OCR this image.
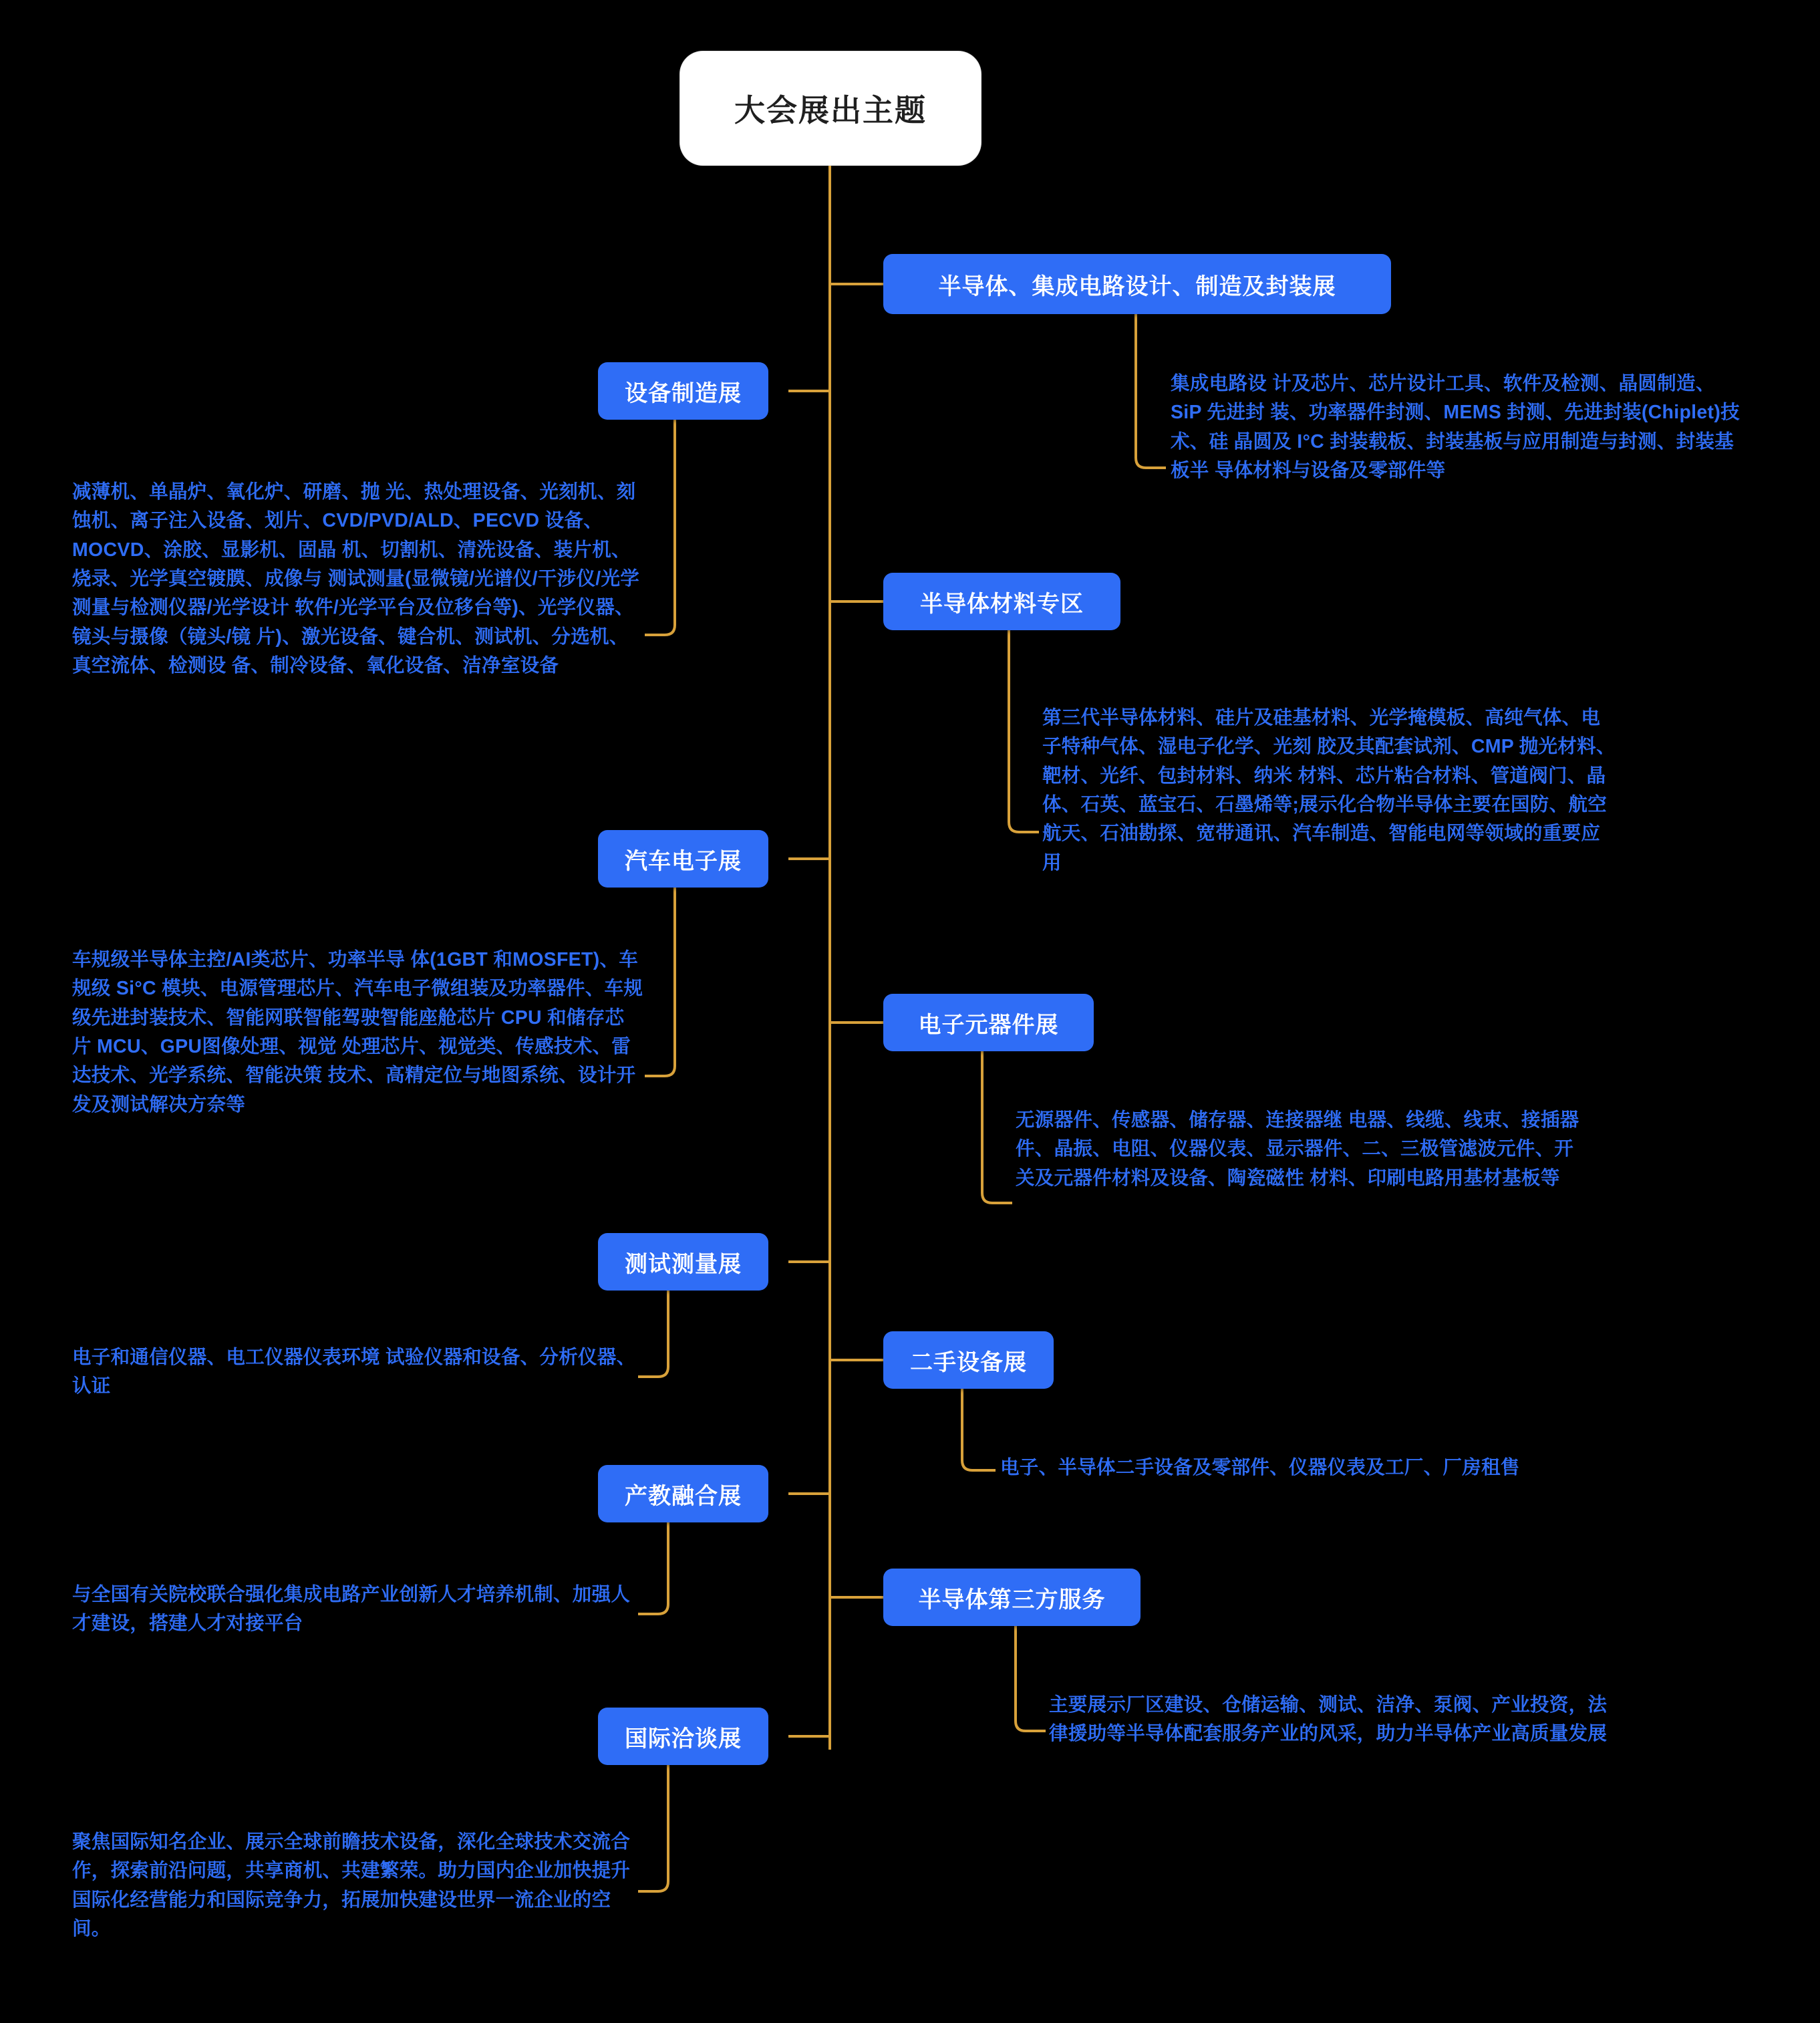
大会展出主题
半导体、集成电路设计、制造及封装展
集成电路设 计及芯片、芯片设计工具、软件及检测、晶圆制造、SiP 先进封 装、功率器件封测、MEMS 封测、先进封装(Chiplet)技术、硅 晶圆及 I°C 封装载板、封装基板与应用制造与封测、封装基板半 导体材料与设备及零部件等
设备制造展
减薄机、单晶炉、氧化炉、研磨、抛 光、热处理设备、光刻机、刻蚀机、离子注入设备、划片、CVD/PVD/ALD、PECVD 设备、MOCVD、涂胶、显影机、固晶 机、切割机、清洗设备、装片机、烧录、光学真空镀膜、成像与 测试测量(显微镜/光谱仪/干涉仪/光学测量与检测仪器/光学设计 软件/光学平台及位移台等)、光学仪器、镜头与摄像（镜头/镜 片)、激光设备、键合机、测试机、分选机、真空流体、检测设 备、制冷设备、氧化设备、洁净室设备
半导体材料专区
第三代半导体材料、硅片及硅基材料、光学掩模板、高纯气体、电子特种气体、湿电子化学、光刻 胶及其配套试剂、CMP 抛光材料、靶材、光纤、包封材料、纳米 材料、芯片粘合材料、管道阀门、晶体、石英、蓝宝石、石墨烯等;展示化合物半导体主要在国防、航空航天、石油勘探、宽带通讯、汽车制造、智能电网等领域的重要应用
汽车电子展
车规级半导体主控/AI类芯片、功率半导 体(1GBT 和MOSFET)、车规级 Si°C 模块、电源管理芯片、汽车电子微组装及功率器件、车规级先进封装技术、智能网联智能驾驶智能座舱芯片 CPU 和储存芯片 MCU、GPU图像处理、视觉 处理芯片、视觉类、传感技术、雷达技术、光学系统、智能决策 技术、高精定位与地图系统、设计开发及测试解决方奈等
电子元器件展
无源器件、传感器、储存器、连接器继 电器、线缆、线束、接插器件、晶振、电阻、仪器仪表、显示器件、二、三极管滤波元件、开关及元器件材料及设备、陶瓷磁性 材料、印刷电路用基材基板等
测试测量展
电子和通信仪器、电工仪器仪表环境 试验仪器和设备、分析仪器、认证
二手设备展
电子、半导体二手设备及零部件、仪器仪表及工厂、厂房租售
产教融合展
与全国有关院校联合强化集成电路产业创新人才培养机制、加强人才建设，搭建人才对接平台
半导体第三方服务
主要展示厂区建设、仓储运输、测试、洁净、泵阀、产业投资，法律援助等半导体配套服务产业的风采，助力半导体产业高质量发展
国际洽谈展
聚焦国际知名企业、展示全球前瞻技术设备，深化全球技术交流合作，探索前沿问题，共享商机、共建繁荣。助力国内企业加快提升国际化经营能力和国际竞争力，拓展加快建设世界一流企业的空间。
